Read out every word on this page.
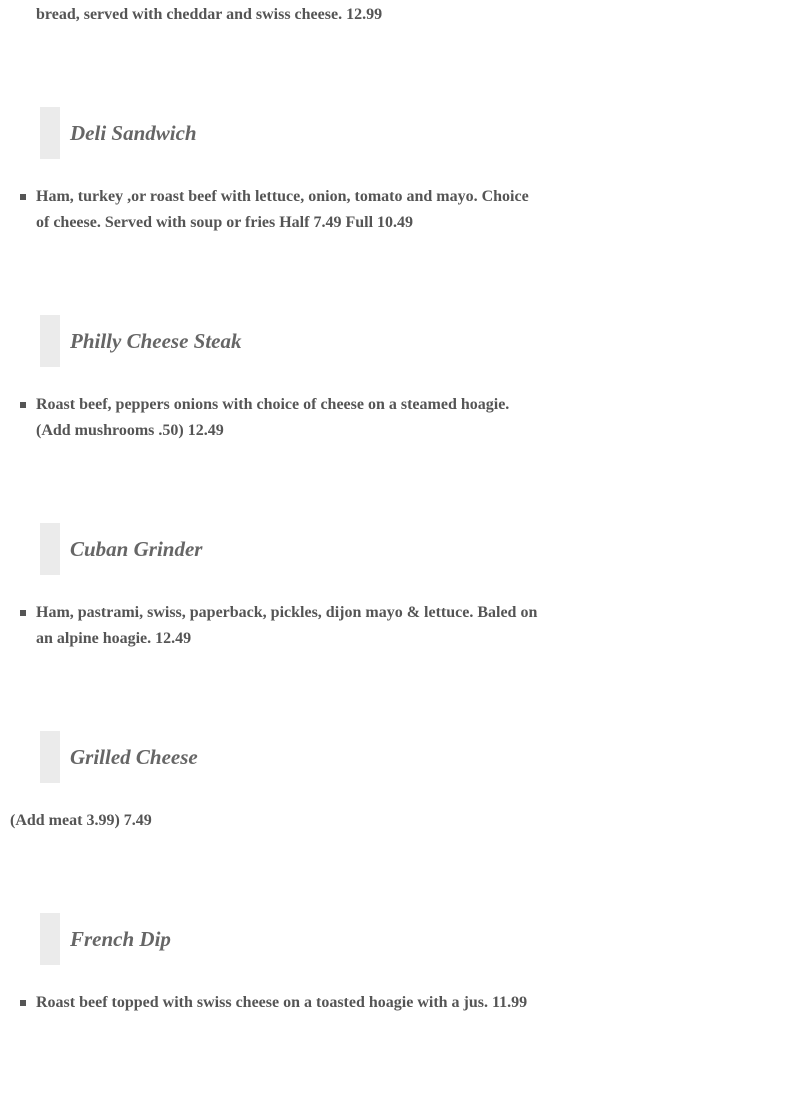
bread, served with cheddar and swiss cheese. 12.99
Deli Sandwich
Ham, turkey ,or roast beef with lettuce, onion, tomato and mayo. Choice of cheese. Served with soup or fries Half 7.49 Full 10.49
Philly Cheese Steak
Roast beef, peppers onions with choice of cheese on a steamed hoagie. (Add mushrooms .50) 12.49
Cuban Grinder
Ham, pastrami, swiss, paperback, pickles, dijon mayo & lettuce. Baled on an alpine hoagie. 12.49
Grilled Cheese
(Add meat 3.99) 7.49
French Dip
Roast beef topped with swiss cheese on a toasted hoagie with a jus. 11.99
